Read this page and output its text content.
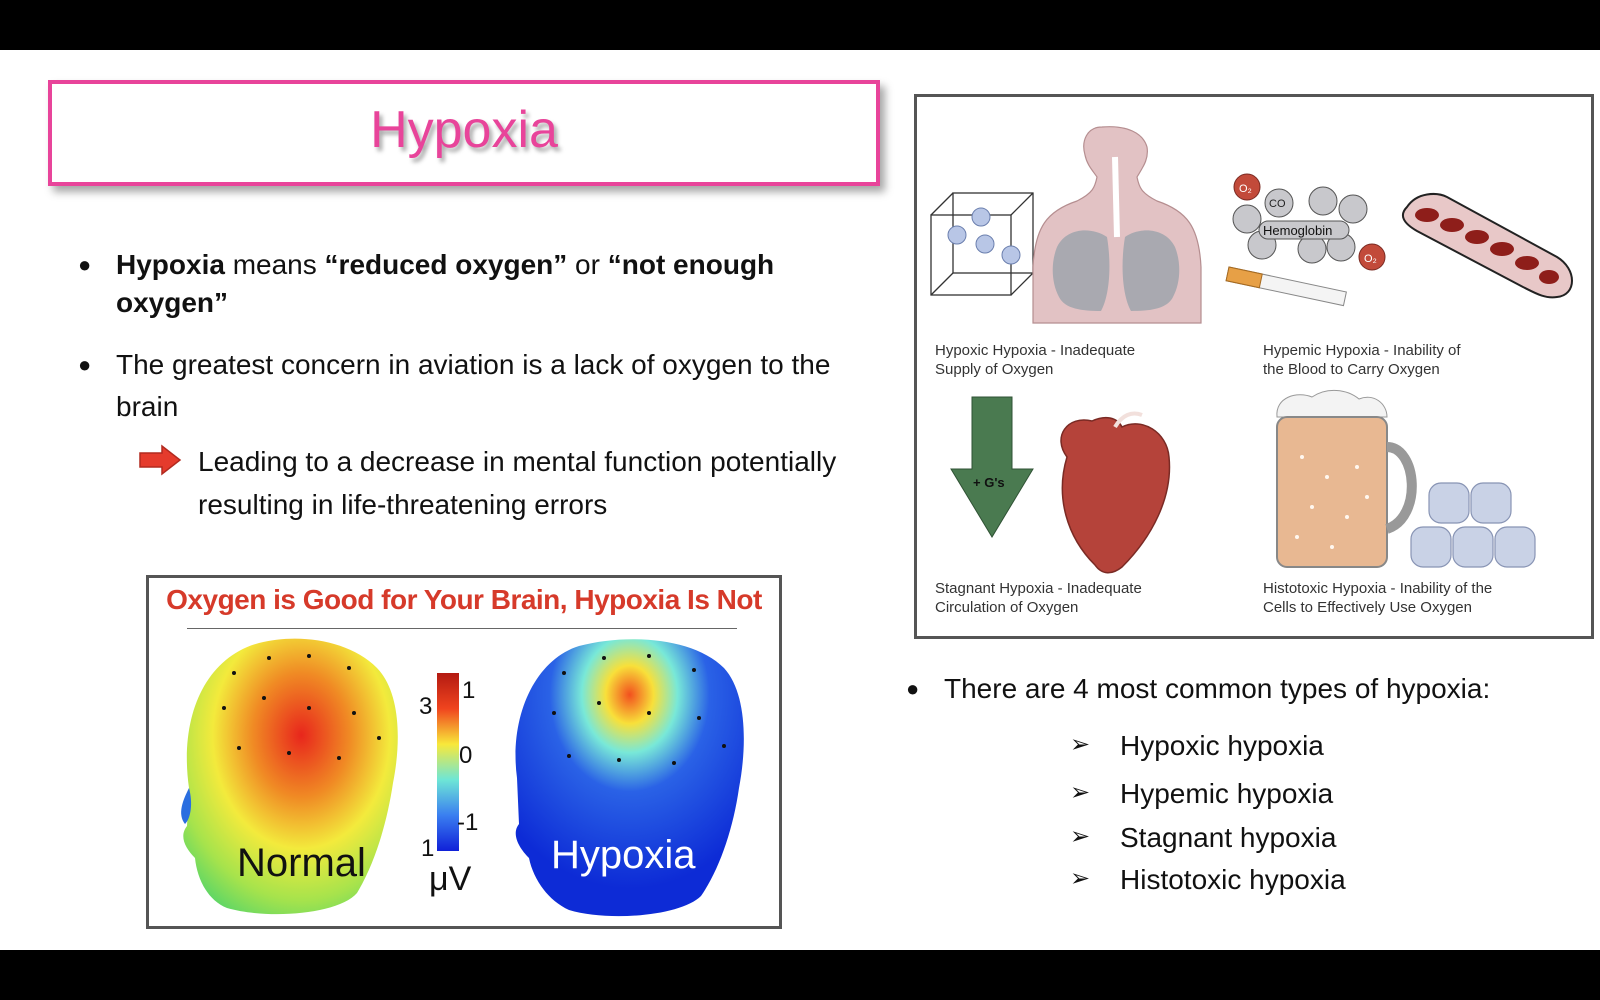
Hypoxia
● Hypoxia means “reduced oxygen” or “not enough oxygen”
● The greatest concern in aviation is a lack of oxygen to the brain
Leading to a decrease in mental function potentially resulting in life-threatening errors
Oxygen is Good for Your Brain, Hypoxia Is Not
1
3
0
-1
1
μV
Normal	Hypoxia
O₂
CO
Hemoglobin
O₂
+ G's
Hypoxic Hypoxia - Inadequate
Supply of Oxygen
Hypemic Hypoxia - Inability of
the Blood to Carry Oxygen
Stagnant Hypoxia - Inadequate
Circulation of Oxygen
Histotoxic Hypoxia - Inability of the
Cells to Effectively Use Oxygen
● There are 4 most common types of hypoxia:
➢ Hypoxic hypoxia
➢ Hypemic hypoxia
➢ Stagnant hypoxia
➢ Histotoxic hypoxia
